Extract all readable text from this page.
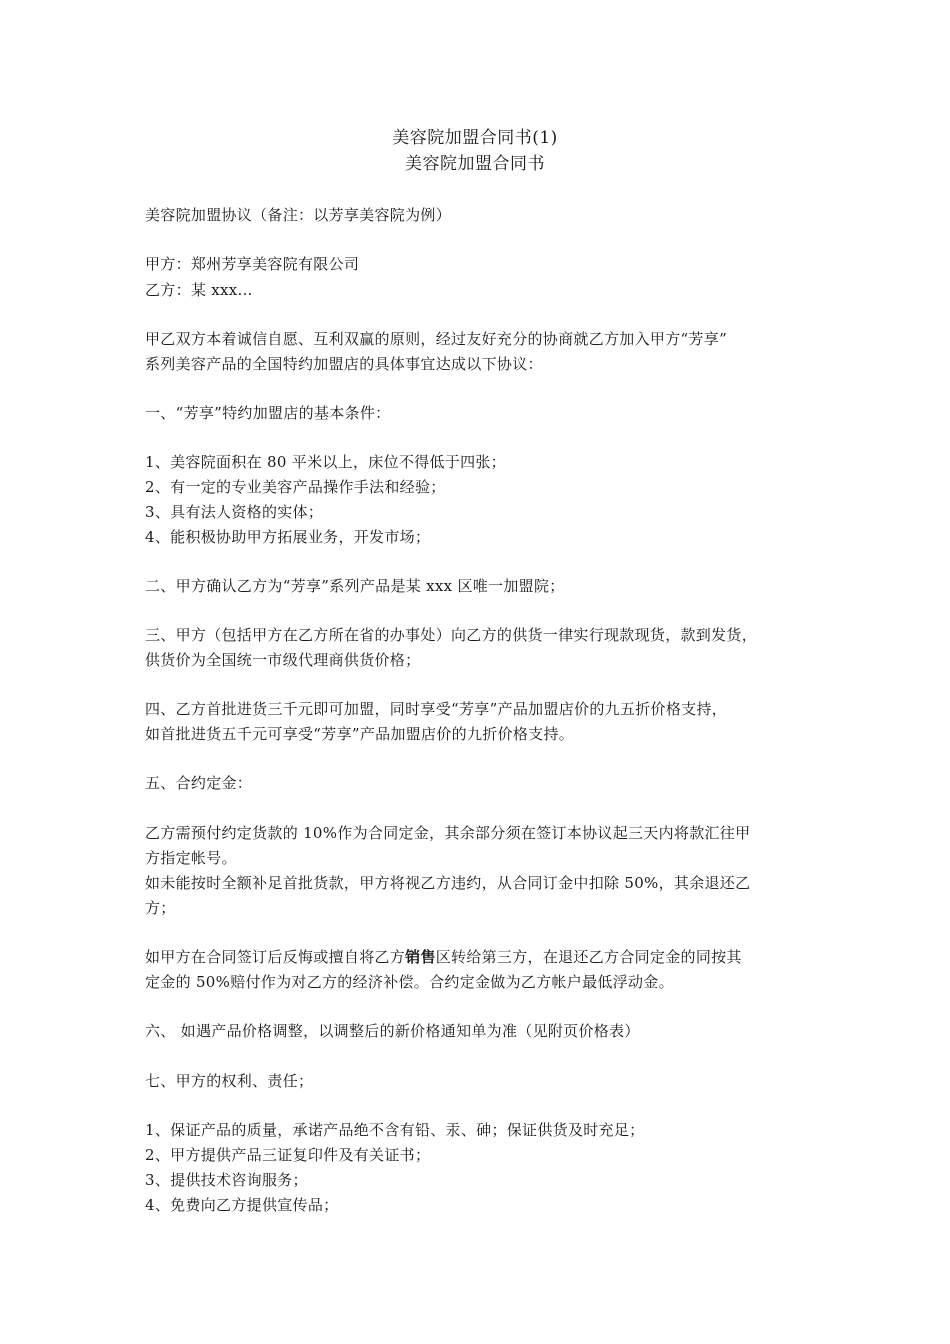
美容院加盟合同书(1)
美容院加盟合同书
美容院加盟协议（备注：以芳享美容院为例）
甲方：郑州芳享美容院有限公司
乙方：某 xxx...
甲乙双方本着诚信自愿、互利双赢的原则，经过友好充分的协商就乙方加入甲方“芳享”
系列美容产品的全国特约加盟店的具体事宜达成以下协议：
一、“芳享”特约加盟店的基本条件：
1、美容院面积在 80 平米以上，床位不得低于四张；
2、有一定的专业美容产品操作手法和经验；
3、具有法人资格的实体；
4、能积极协助甲方拓展业务，开发市场；
二、甲方确认乙方为“芳享”系列产品是某 xxx 区唯一加盟院；
三、甲方（包括甲方在乙方所在省的办事处）向乙方的供货一律实行现款现货，款到发货，
供货价为全国统一市级代理商供货价格；
四、乙方首批进货三千元即可加盟，同时享受“芳享”产品加盟店价的九五折价格支持，
如首批进货五千元可享受“芳享”产品加盟店价的九折价格支持。
五、合约定金：
乙方需预付约定货款的 10%作为合同定金，其余部分须在签订本协议起三天内将款汇往甲
方指定帐号。
如未能按时全额补足首批货款，甲方将视乙方违约，从合同订金中扣除 50%，其余退还乙
方；
如甲方在合同签订后反悔或擅自将乙方销售区转给第三方，在退还乙方合同定金的同按其
定金的 50%赔付作为对乙方的经济补偿。合约定金做为乙方帐户最低浮动金。
六、 如遇产品价格调整，以调整后的新价格通知单为准（见附页价格表）
七、甲方的权利、责任；
1、保证产品的质量，承诺产品绝不含有铅、汞、砷；保证供货及时充足；
2、甲方提供产品三证复印件及有关证书；
3、提供技术咨询服务；
4、免费向乙方提供宣传品；
